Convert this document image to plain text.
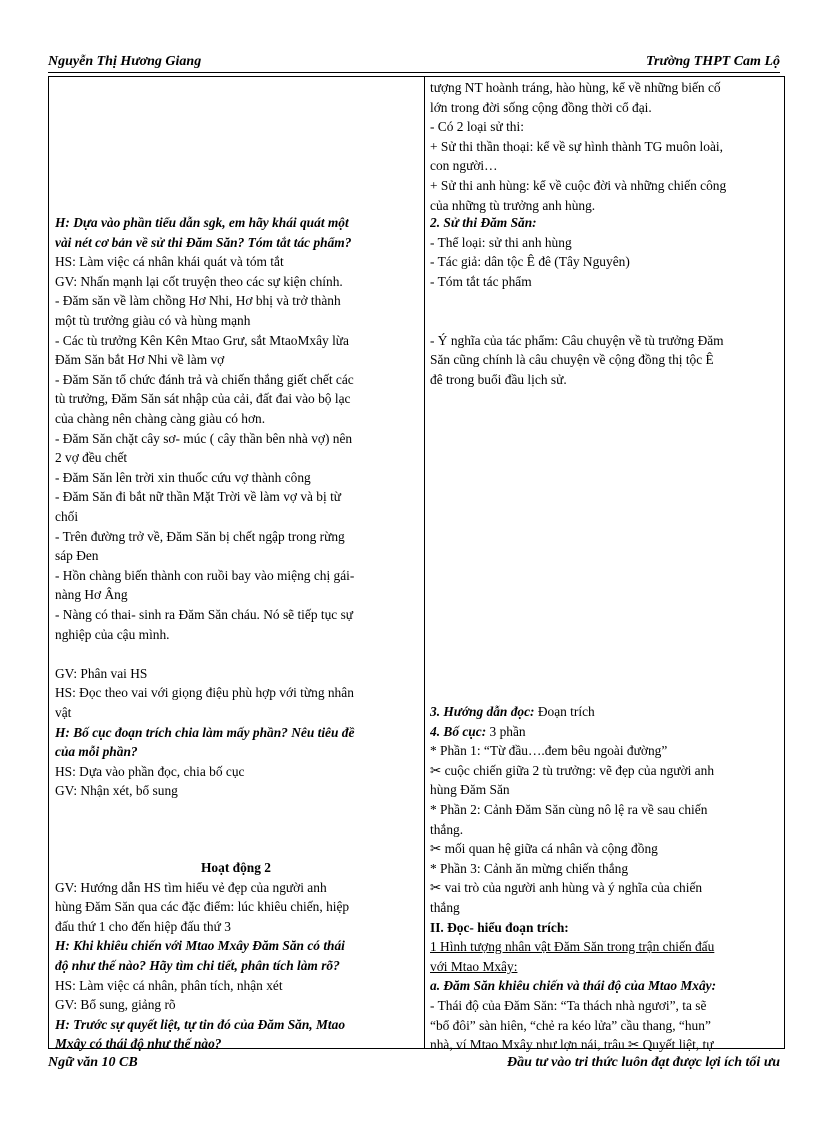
Nguyễn Thị Hương Giang	Trường THPT Cam Lộ
H: Dựa vào phần tiểu dẫn sgk, em hãy khái quát một
vài nét cơ bản về sử thi Đăm Săn? Tóm tắt tác phẩm?
HS: Làm việc cá nhân khái quát và tóm tắt
GV: Nhấn mạnh lại cốt truyện theo các sự kiện chính.
- Đăm săn về làm chồng Hơ Nhi, Hơ bhị và trở thành
một tù trưởng giàu có và hùng mạnh
- Các tù trưởng Kên Kên Mtao Grư, sắt MtaoMxây lừa
Đăm Săn bắt Hơ Nhi về làm vợ
- Đăm Săn tổ chức đánh trả và chiến thắng giết chết các
tù trưởng, Đăm Săn sát nhập của cải, đất đai vào bộ lạc
của chàng nên chàng càng giàu có hơn.
- Đăm Săn chặt cây sơ- múc ( cây thần bên nhà vợ) nên
2 vợ đều chết
- Đăm Săn lên trời xin thuốc cứu vợ thành công
- Đăm Săn đi bắt nữ thần Mặt Trời về làm vợ và bị từ
chối
- Trên đường trở về, Đăm Săn bị chết ngập trong rừng
sáp Đen
- Hồn chàng biến thành con ruồi bay vào miệng chị gái-
nàng Hơ Âng
- Nàng có thai- sinh ra Đăm Săn cháu. Nó sẽ tiếp tục sự
nghiệp của cậu mình.
GV: Phân vai HS
HS: Đọc theo vai với giọng điệu phù hợp với từng nhân
vật
H: Bố cục đoạn trích chia làm mấy phần? Nêu tiêu đề
của mỗi phần?
HS: Dựa vào phần đọc, chia bố cục
GV: Nhận xét, bổ sung
Hoạt động 2
GV: Hướng dẫn HS tìm hiểu vẻ đẹp của người anh
hùng Đăm Săn qua các đặc điểm: lúc khiêu chiến, hiệp
đấu thứ 1 cho đến hiệp đấu thứ 3
H: Khi khiêu chiến với Mtao Mxây Đăm Săn có thái
độ như thế nào? Hãy tìm chi tiết, phân tích làm rõ?
HS: Làm việc cá nhân, phân tích, nhận xét
GV: Bổ sung, giảng rõ
H: Trước sự quyết liệt, tự tin đó của Đăm Săn, Mtao
Mxây có thái độ như thế nào?
tượng NT hoành tráng, hào hùng, kể về những biến cố
lớn trong đời sống cộng đồng thời cổ đại.
- Có 2 loại sử thi:
+ Sử thi thần thoại: kể về sự hình thành TG muôn loài,
con người…
+ Sử thi anh hùng: kể về cuộc đời và những chiến công
của những tù trưởng anh hùng.
2. Sử thi Đăm Săn:
- Thể loại: sử thi anh hùng
- Tác giả: dân tộc Ê đê (Tây Nguyên)
- Tóm tắt tác phẩm
- Ý nghĩa của tác phẩm: Câu chuyện về tù trưởng Đăm
Săn cũng chính là câu chuyện về cộng đồng thị tộc Ê
đê trong buổi đầu lịch sử.
3. Hướng dẫn đọc: Đoạn trích
4. Bố cục: 3 phần
* Phần 1: “Từ đầu….đem bêu ngoài đường”
✂ cuộc chiến giữa 2 tù trưởng: vẽ đẹp của người anh
hùng Đăm Săn
* Phần 2: Cảnh Đăm Săn cùng nô lệ ra về sau chiến
thắng.
✂ mối quan hệ giữa cá nhân và cộng đồng
* Phần 3: Cảnh ăn mừng chiến thắng
✂ vai trò của người anh hùng và ý nghĩa của chiến
thắng
II. Đọc- hiểu đoạn trích:
1 Hình tượng nhân vật Đăm Săn trong trận chiến đấu
với Mtao Mxây:
a. Đăm Săn khiêu chiến và thái độ của Mtao Mxây:
- Thái độ của Đăm Săn: “Ta thách nhà ngươi”, ta sẽ
“bổ đôi” sàn hiên, “chẻ ra kéo lửa” cầu thang, “hun”
nhà, ví Mtao Mxây như lợn nái, trâu ✂ Quyết liệt, tự
Ngữ văn 10 CB	Đầu tư vào tri thức luôn đạt được lợi ích tối ưu
